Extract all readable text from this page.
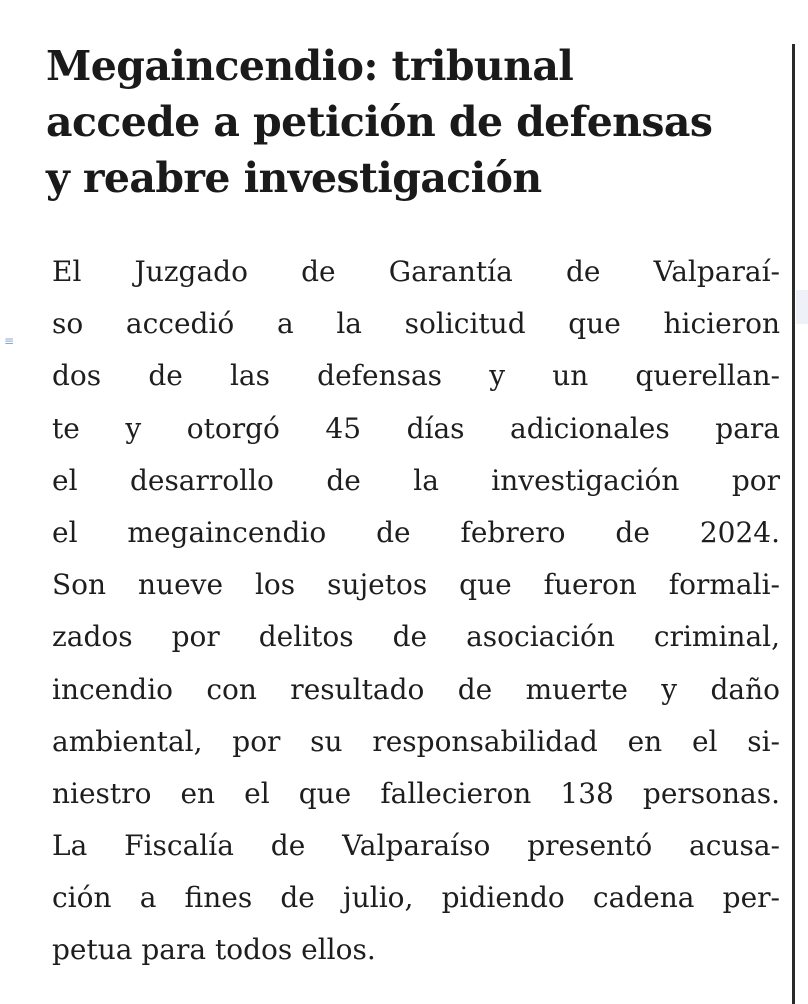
≡
Megaincendio: tribunal
accede a petición de defensas
y reabre investigación
El Juzgado de Garantía de Valparaí-
so accedió a la solicitud que hicieron
dos de las defensas y un querellan-
te y otorgó 45 días adicionales para
el desarrollo de la investigación por
el megaincendio de febrero de 2024.
Son nueve los sujetos que fueron formali-
zados por delitos de asociación criminal,
incendio con resultado de muerte y daño
ambiental, por su responsabilidad en el si-
niestro en el que fallecieron 138 personas.
La Fiscalía de Valparaíso presentó acusa-
ción a fines de julio, pidiendo cadena per-
petua para todos ellos.
